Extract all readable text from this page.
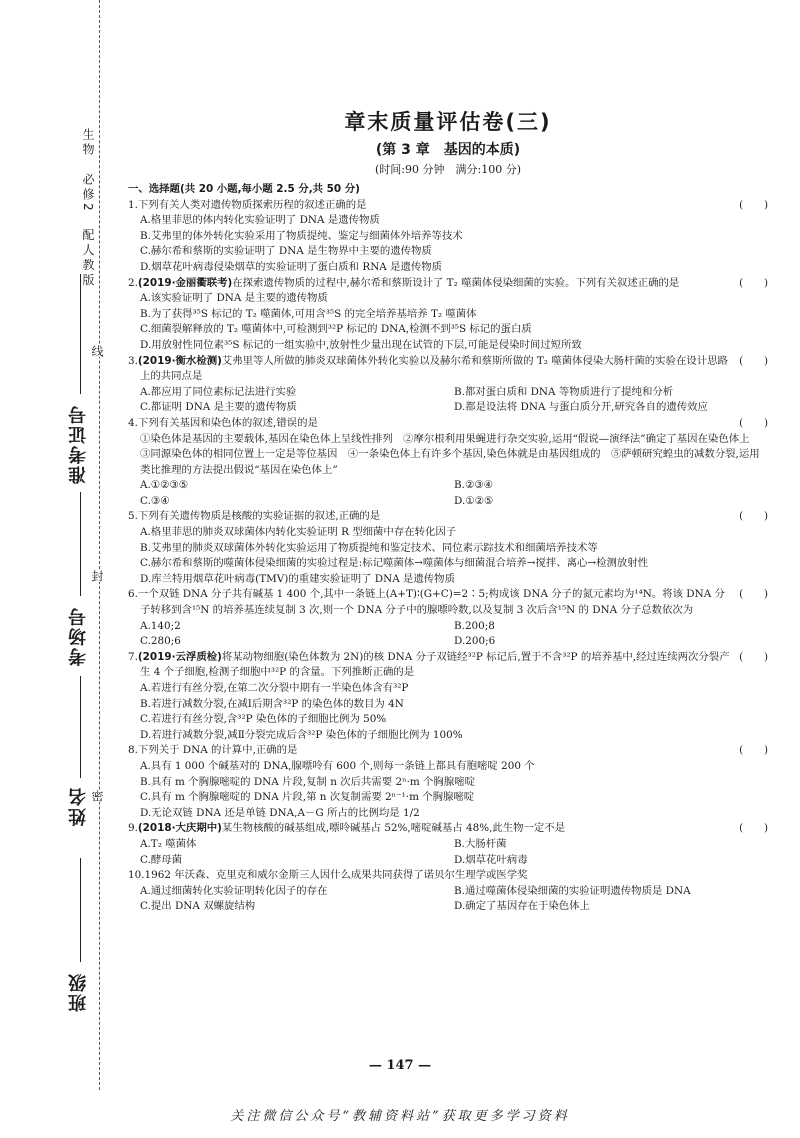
生物　必修2　配人教版
线
封
密
准考证号
考场号
姓名
班级
章末质量评估卷(三)
(第 3 章　基因的本质)
(时间:90 分钟　满分:100 分)
一、选择题(共 20 小题,每小题 2.5 分,共 50 分)
1.下列有关人类对遗传物质探索历程的叙述正确的是	(　　)
A.格里菲思的体内转化实验证明了 DNA 是遗传物质
B.艾弗里的体外转化实验采用了物质提纯、鉴定与细菌体外培养等技术
C.赫尔希和蔡斯的实验证明了 DNA 是生物界中主要的遗传物质
D.烟草花叶病毒侵染烟草的实验证明了蛋白质和 RNA 是遗传物质
2.(2019·金丽衢联考)在探索遗传物质的过程中,赫尔希和蔡斯设计了 T₂ 噬菌体侵染细菌的实验。下列有关叙述正确的是	(　　)
A.该实验证明了 DNA 是主要的遗传物质
B.为了获得³⁵S 标记的 T₂ 噬菌体,可用含³⁵S 的完全培养基培养 T₂ 噬菌体
C.细菌裂解释放的 T₂ 噬菌体中,可检测到³²P 标记的 DNA,检测不到³⁵S 标记的蛋白质
D.用放射性同位素³⁵S 标记的一组实验中,放射性少量出现在试管的下层,可能是侵染时间过短所致
3.(2019·衡水检测)艾弗里等人所做的肺炎双球菌体外转化实验以及赫尔希和蔡斯所做的 T₂ 噬菌体侵染大肠杆菌的实验在设计思路上的共同点是
(　　)
A.都应用了同位素标记法进行实验	B.都对蛋白质和 DNA 等物质进行了提纯和分析
C.都证明 DNA 是主要的遗传物质	D.都是设法将 DNA 与蛋白质分开,研究各自的遗传效应
4.下列有关基因和染色体的叙述,错误的是	(　　)
①染色体是基因的主要载体,基因在染色体上呈线性排列　②摩尔根利用果蝇进行杂交实验,运用“假说—演绎法”确定了基因在染色体上　③同源染色体的相同位置上一定是等位基因　④一条染色体上有许多个基因,染色体就是由基因组成的　⑤萨顿研究蝗虫的减数分裂,运用类比推理的方法提出假说“基因在染色体上”
A.①②③⑤	B.②③④
C.③④	D.①②⑤
5.下列有关遗传物质是核酸的实验证据的叙述,正确的是	(　　)
A.格里菲思的肺炎双球菌体内转化实验证明 R 型细菌中存在转化因子
B.艾弗里的肺炎双球菌体外转化实验运用了物质提纯和鉴定技术、同位素示踪技术和细菌培养技术等
C.赫尔希和蔡斯的噬菌体侵染细菌的实验过程是:标记噬菌体→噬菌体与细菌混合培养→搅拌、离心→检测放射性
D.库兰特用烟草花叶病毒(TMV)的重建实验证明了 DNA 是遗传物质
6.一个双链 DNA 分子共有碱基 1 400 个,其中一条链上(A+T)∶(G+C)=2∶5;构成该 DNA 分子的氮元素均为¹⁴N。将该 DNA 分子转移到含¹⁵N 的培养基连续复制 3 次,则一个 DNA 分子中的腺嘌呤数,以及复制 3 次后含¹⁵N 的 DNA 分子总数依次为
(　　)
A.140;2	B.200;8
C.280;6	D.200;6
7.(2019·云浮质检)将某动物细胞(染色体数为 2N)的核 DNA 分子双链经³²P 标记后,置于不含³²P 的培养基中,经过连续两次分裂产生 4 个子细胞,检测子细胞中³²P 的含量。下列推断正确的是
(　　)
A.若进行有丝分裂,在第二次分裂中期有一半染色体含有³²P
B.若进行减数分裂,在减Ⅰ后期含³²P 的染色体的数目为 4N
C.若进行有丝分裂,含³²P 染色体的子细胞比例为 50%
D.若进行减数分裂,减Ⅱ分裂完成后含³²P 染色体的子细胞比例为 100%
8.下列关于 DNA 的计算中,正确的是	(　　)
A.具有 1 000 个碱基对的 DNA,腺嘌呤有 600 个,则每一条链上都具有胞嘧啶 200 个
B.具有 m 个胸腺嘧啶的 DNA 片段,复制 n 次后共需要 2ⁿ·m 个胸腺嘧啶
C.具有 m 个胸腺嘧啶的 DNA 片段,第 n 次复制需要 2ⁿ⁻¹·m 个胸腺嘧啶
D.无论双链 DNA 还是单链 DNA,A－G 所占的比例均是 1/2
9.(2018·大庆期中)某生物核酸的碱基组成,嘌呤碱基占 52%,嘧啶碱基占 48%,此生物一定不是	(　　)
A.T₂ 噬菌体	B.大肠杆菌
C.酵母菌	D.烟草花叶病毒
10.1962 年沃森、克里克和威尔金斯三人因什么成果共同获得了诺贝尔生理学或医学奖
A.通过细菌转化实验证明转化因子的存在	B.通过噬菌体侵染细菌的实验证明遗传物质是 DNA
C.提出 DNA 双螺旋结构	D.确定了基因存在于染色体上
— 147 —
关注微信公众号“教辅资料站”获取更多学习资料
